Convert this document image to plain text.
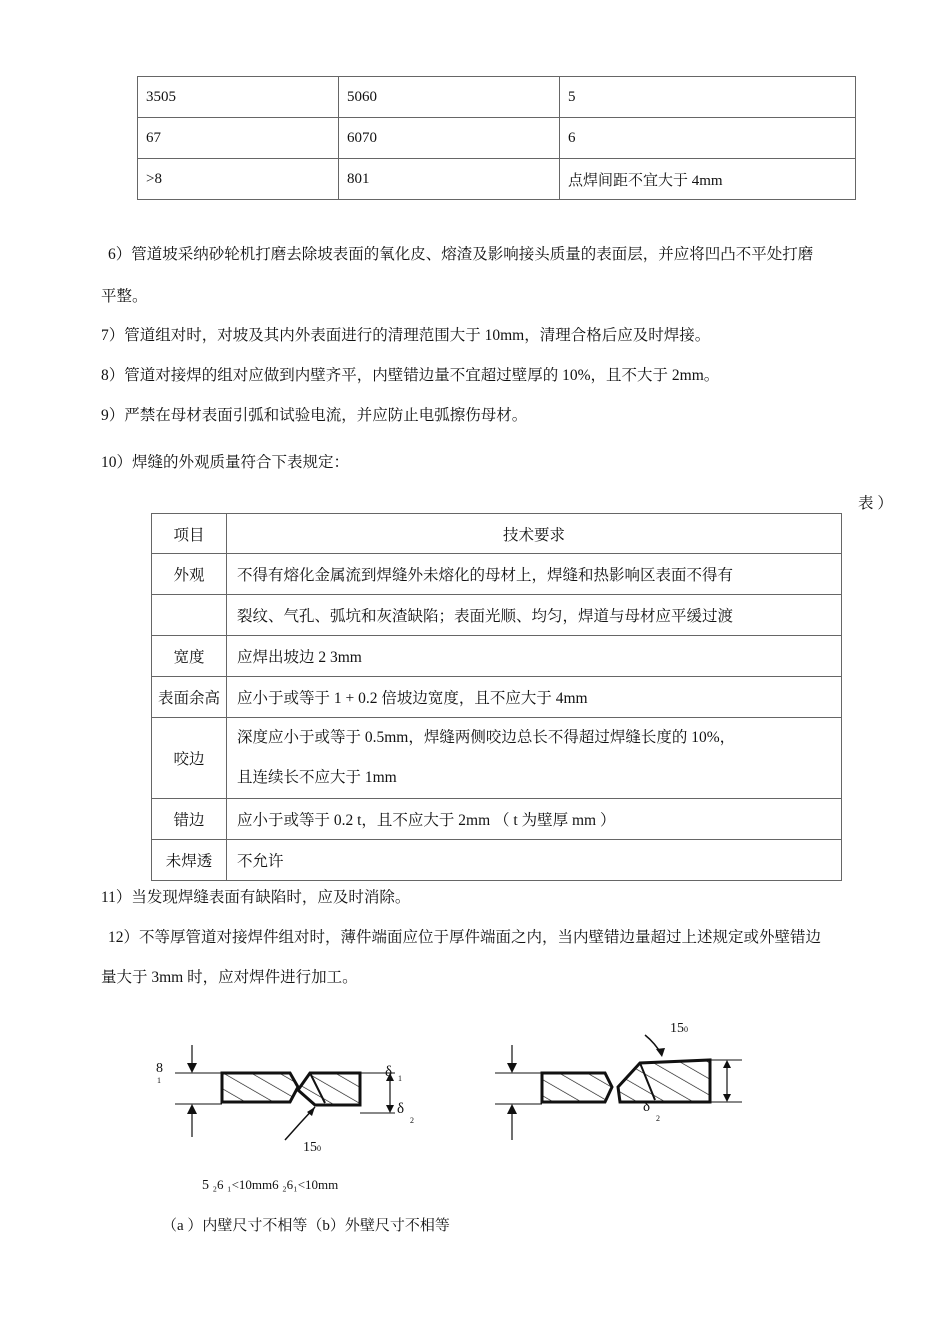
3505	5060	5
67	6070	6
>8	801	点焊间距不宜大于 4mm
6）管道坡采纳砂轮机打磨去除坡表面的氧化皮、熔渣及影响接头质量的表面层，并应将凹凸不平处打磨
平整。
7）管道组对时，对坡及其内外表面进行的清理范围大于 10mm，清理合格后应及时焊接。
8）管道对接焊的组对应做到内壁齐平，内壁错边量不宜超过壁厚的 10%，且不大于 2mm。
9）严禁在母材表面引弧和试验电流，并应防止电弧擦伤母材。
10）焊缝的外观质量符合下表规定：
表 ）
项目	技术要求
外观	不得有熔化金属流到焊缝外未熔化的母材上，焊缝和热影响区表面不得有
	裂纹、气孔、弧坑和灰渣缺陷；表面光顺、均匀，焊道与母材应平缓过渡
宽度	应焊出坡边 2 3mm
表面余高	应小于或等于 1 + 0.2 倍坡边宽度，且不应大于 4mm
咬边	深度应小于或等于 0.5mm，焊缝两侧咬边总长不得超过焊缝长度的 10%，
且连续长不应大于 1mm

错边	应小于或等于 0.2 t，且不应大于 2mm （ t 为壁厚 mm ）
未焊透	不允许
11）当发现焊缝表面有缺陷时，应及时消除。
12）不等厚管道对接焊件组对时，薄件端面应位于厚件端面之内，当内壁错边量超过上述规定或外壁错边
量大于 3mm 时，应对焊件进行加工。
8
1
δ 1
δ
2
150
150
δ
2
5 ₂6 ₁<10mm6 ₂6₁<10mm
（a ）内壁尺寸不相等（b）外壁尺寸不相等
